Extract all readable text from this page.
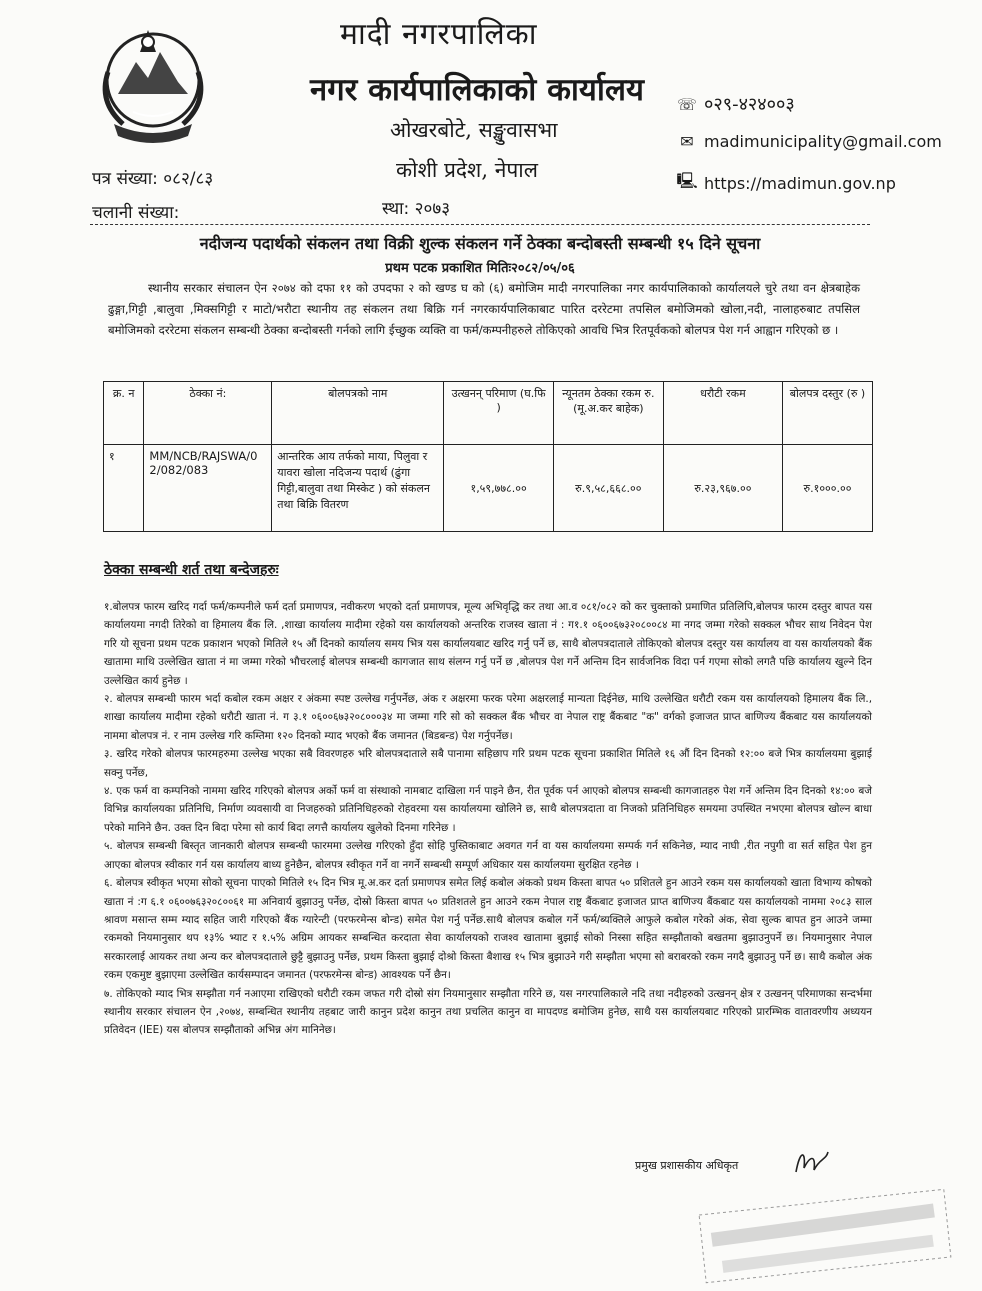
मादी नगरपालिका
नगर कार्यपालिकाको कार्यालय
ओखरबोटे, सङ्खुवासभा
कोशी प्रदेश, नेपाल
☏ ०२९-४२४००३
✉ madimunicipality@gmail.com
🖳 https://madimun.gov.np
पत्र संख्या: ०८२/८३
चलानी संख्या:	स्था: २०७३
नदीजन्य पदार्थको संकलन तथा विक्री शुल्क संकलन गर्ने ठेक्का बन्दोबस्ती सम्बन्धी १५ दिने सूचना
प्रथम पटक प्रकाशित मितिः२०८२/०५/०६
स्थानीय सरकार संचालन ऐन २०७४ को दफा ११ को उपदफा २ को खण्ड घ को (६) बमोजिम मादी नगरपालिका नगर कार्यपालिकाको कार्यालयले चुरे तथा वन क्षेत्रबाहेक ढुङ्गा,गिट्टी ,बालुवा ,मिक्सगिट्टी र माटो/भरौटा स्थानीय तह संकलन तथा बिक्रि गर्न नगरकार्यपालिकाबाट पारित दररेटमा तपसिल बमोजिमको खोला,नदी, नालाहरुबाट तपसिल बमोजिमको दररेटमा संकलन सम्बन्धी ठेक्का बन्दोबस्ती गर्नको लागि ईच्छुक व्यक्ति वा फर्म/कम्पनीहरुले तोकिएको आवधि भित्र रितपूर्वकको बोलपत्र पेश गर्न आह्वान गरिएको छ ।
क्र. न	ठेक्का नं:	बोलपत्रको नाम	उत्खनन् परिमाण (घ.फि )	न्यूनतम ठेक्का रकम रु.(मू.अ.कर बाहेक)	धरौटी रकम	बोलपत्र दस्तुर (रु )
१	MM/NCB/RAJSWA/02/082/083	आन्तरिक आय तर्फको माया, पिलुवा र यावरा खोला नदिजन्य पदार्थ (ढुंगा गिट्टी,बालुवा तथा मिस्केट ) को संकलन तथा बिक्रि वितरण	१,५९,७७८.००	रु.९,५८,६६८.००	रु.२३,९६७.००	रु.१०००.००
ठेक्का सम्बन्धी शर्त तथा बन्देजहरुः

१.बोलपत्र फारम खरिद गर्दा फर्म/कम्पनीले फर्म दर्ता प्रमाणपत्र, नवीकरण भएको दर्ता प्रमाणपत्र, मूल्य अभिवृद्धि कर तथा आ.व ०८१/०८२ को कर चुक्ताको प्रमाणित प्रतिलिपि,बोलपत्र फारम दस्तुर बापत यस कार्यालयमा नगदी तिरेको वा हिमालय बैंक लि. ,शाखा कार्यालय मादीमा रहेको यस कार्यालयको अन्तरिक राजस्व खाता नं : ग१.१ ०६००६७३२०८००८४ मा नगद जम्मा गरेको सक्कल भौचर साथ निवेदन पेश गरि यो सूचना प्रथम पटक प्रकाशन भएको मितिले १५ औं दिनको कार्यालय समय भित्र यस कार्यालयबाट खरिद गर्नु पर्ने छ, साथै बोलपत्रदाताले तोकिएको बोलपत्र दस्तुर यस कार्यालय वा यस कार्यालयको बैंक खातामा माथि उल्लेखित खाता नं मा जम्मा गरेको भौचरलाई बोलपत्र सम्बन्धी कागजात साथ संलग्न गर्नु पर्ने छ ,बोलपत्र पेश गर्ने अन्तिम दिन सार्वजनिक विदा पर्न गएमा सोको लगतै पछि कार्यालय खुल्ने दिन उल्लेखित कार्य हुनेछ ।

२. बोलपत्र सम्बन्धी फारम भर्दा कबोल रकम अक्षर र अंकमा स्पष्ट उल्लेख गर्नुपर्नेछ, अंक र अक्षरमा फरक परेमा अक्षरलाई मान्यता दिईनेछ, माथि उल्लेखित धरौटी रकम यस कार्यालयको हिमालय बैंक लि., शाखा कार्यालय मादीमा रहेको धरौटी खाता नं. ग ३.१ ०६००६७३२०८०००३४ मा जम्मा गरि सो को सक्कल बैंक भौचर वा नेपाल राष्ट्र बैंकबाट "क" वर्गको इजाजत प्राप्त बाणिज्य बैंकबाट यस कार्यालयको नाममा बोलपत्र नं. र नाम उल्लेख गरि कम्तिमा १२० दिनको म्याद भएको बैंक जमानत (बिडबन्ड) पेश गर्नुपर्नेछ।

३. खरिद गरेको बोलपत्र फारमहरुमा उल्लेख भएका सबै विवरणहरु भरि बोलपत्रदाताले सबै पानामा सहिछाप गरि प्रथम पटक सूचना प्रकाशित मितिले १६ औं दिन दिनको १२:०० बजे भित्र कार्यालयमा बुझाई सक्नु पर्नेछ,

४. एक फर्म वा कम्पनिको नाममा खरिद गरिएको बोलपत्र अर्को फर्म वा संस्थाको नामबाट दाखिला गर्न पाइने छैन, रीत पूर्वक पर्न आएको बोलपत्र सम्बन्धी कागजातहरु पेश गर्ने अन्तिम दिन दिनको १४:०० बजे विभिन्न कार्यालयका प्रतिनिधि, निर्माण व्यवसायी वा निजहरुको प्रतिनिधिहरुको रोहवरमा यस कार्यालयमा खोलिने छ, साथै बोलपत्रदाता वा निजको प्रतिनिधिहरु समयमा उपस्थित नभएमा बोलपत्र खोल्न बाधा परेको मानिने छैन. उक्त दिन बिदा परेमा सो कार्य बिदा लगत्तै कार्यालय खुलेको दिनमा गरिनेछ ।

५. बोलपत्र सम्बन्धी बिस्तृत जानकारी बोलपत्र सम्बन्धी फारममा उल्लेख गरिएको हुँदा सोहि पुस्तिकाबाट अवगत गर्न वा यस कार्यालयमा सम्पर्क गर्न सकिनेछ, म्याद नाघी ,रीत नपुगी वा सर्त सहित पेश हुन आएका बोलपत्र स्वीकार गर्न यस कार्यालय बाध्य हुनेछैन, बोलपत्र स्वीकृत गर्ने वा नगर्ने सम्बन्धी सम्पूर्ण अधिकार यस कार्यालयमा सुरक्षित रहनेछ ।

६. बोलपत्र स्वीकृत भएमा सोको सूचना पाएको मितिले १५ दिन भित्र मू.अ.कर दर्ता प्रमाणपत्र समेत लिई कबोल अंकको प्रथम किस्ता बापत ५० प्रशितले हुन आउने रकम यस कार्यालयको खाता विभाग्य कोषको खाता नं :ग ६.१ ०६००७६३२०८००६१ मा अनिवार्य बुझाउनु पर्नेछ, दोस्रो किस्ता बापत ५० प्रतिशतले हुन आउने रकम नेपाल राष्ट्र बैंकबाट इजाजत प्राप्त बाणिज्य बैंकबाट यस कार्यालयको नाममा २०८३ साल श्रावण मसान्त सम्म म्याद सहित जारी गरिएको बैंक ग्यारेन्टी (परफरमेन्स बोन्ड) समेत पेश गर्नु पर्नेछ.साथै बोलपत्र कबोल गर्ने फर्म/ब्यक्तिले आफुले कबोल गरेको अंक, सेवा सुल्क बापत हुन आउने जम्मा रकमको नियमानुसार थप १३% भ्याट र १.५% अग्रिम आयकर सम्बन्धित करदाता सेवा कार्यालयको राजश्व खातामा बुझाई सोको निस्सा सहित सम्झौताको बखतमा बुझाउनुपर्ने छ। नियमानुसार नेपाल सरकारलाई आयकर तथा अन्य कर बोलपत्रदाताले छुट्टै बुझाउनु पर्नेछ, प्रथम किस्ता बुझाई दोश्रो किस्ता बैशाख १५ भित्र बुझाउने गरी सम्झौता भएमा सो बराबरको रकम नगदै बुझाउनु पर्ने छ। साथै कबोल अंक रकम एकमुष्ट बुझाएमा उल्लेखित कार्यसम्पादन जमानत (परफरमेन्स बोन्ड) आवश्यक पर्ने छैन।

७. तोकिएको म्याद भित्र सम्झौता गर्न नआएमा राखिएको धरौटी रकम जफत गरी दोस्रो संग नियमानुसार सम्झौता गरिने छ, यस नगरपालिकाले नदि तथा नदीहरुको उत्खनन् क्षेत्र र उत्खनन् परिमाणका सन्दर्भमा स्थानीय सरकार संचालन ऐन ,२०७४, सम्बन्धित स्थानीय तहबाट जारी कानुन प्रदेश कानुन तथा प्रचलित कानुन वा मापदण्ड बमोजिम हुनेछ, साथै यस कार्यालयबाट गरिएको प्रारम्भिक वातावरणीय अध्ययन प्रतिवेदन (IEE) यस बोलपत्र सम्झौताको अभिन्न अंग मानिनेछ।

प्रमुख प्रशासकीय अधिकृत
